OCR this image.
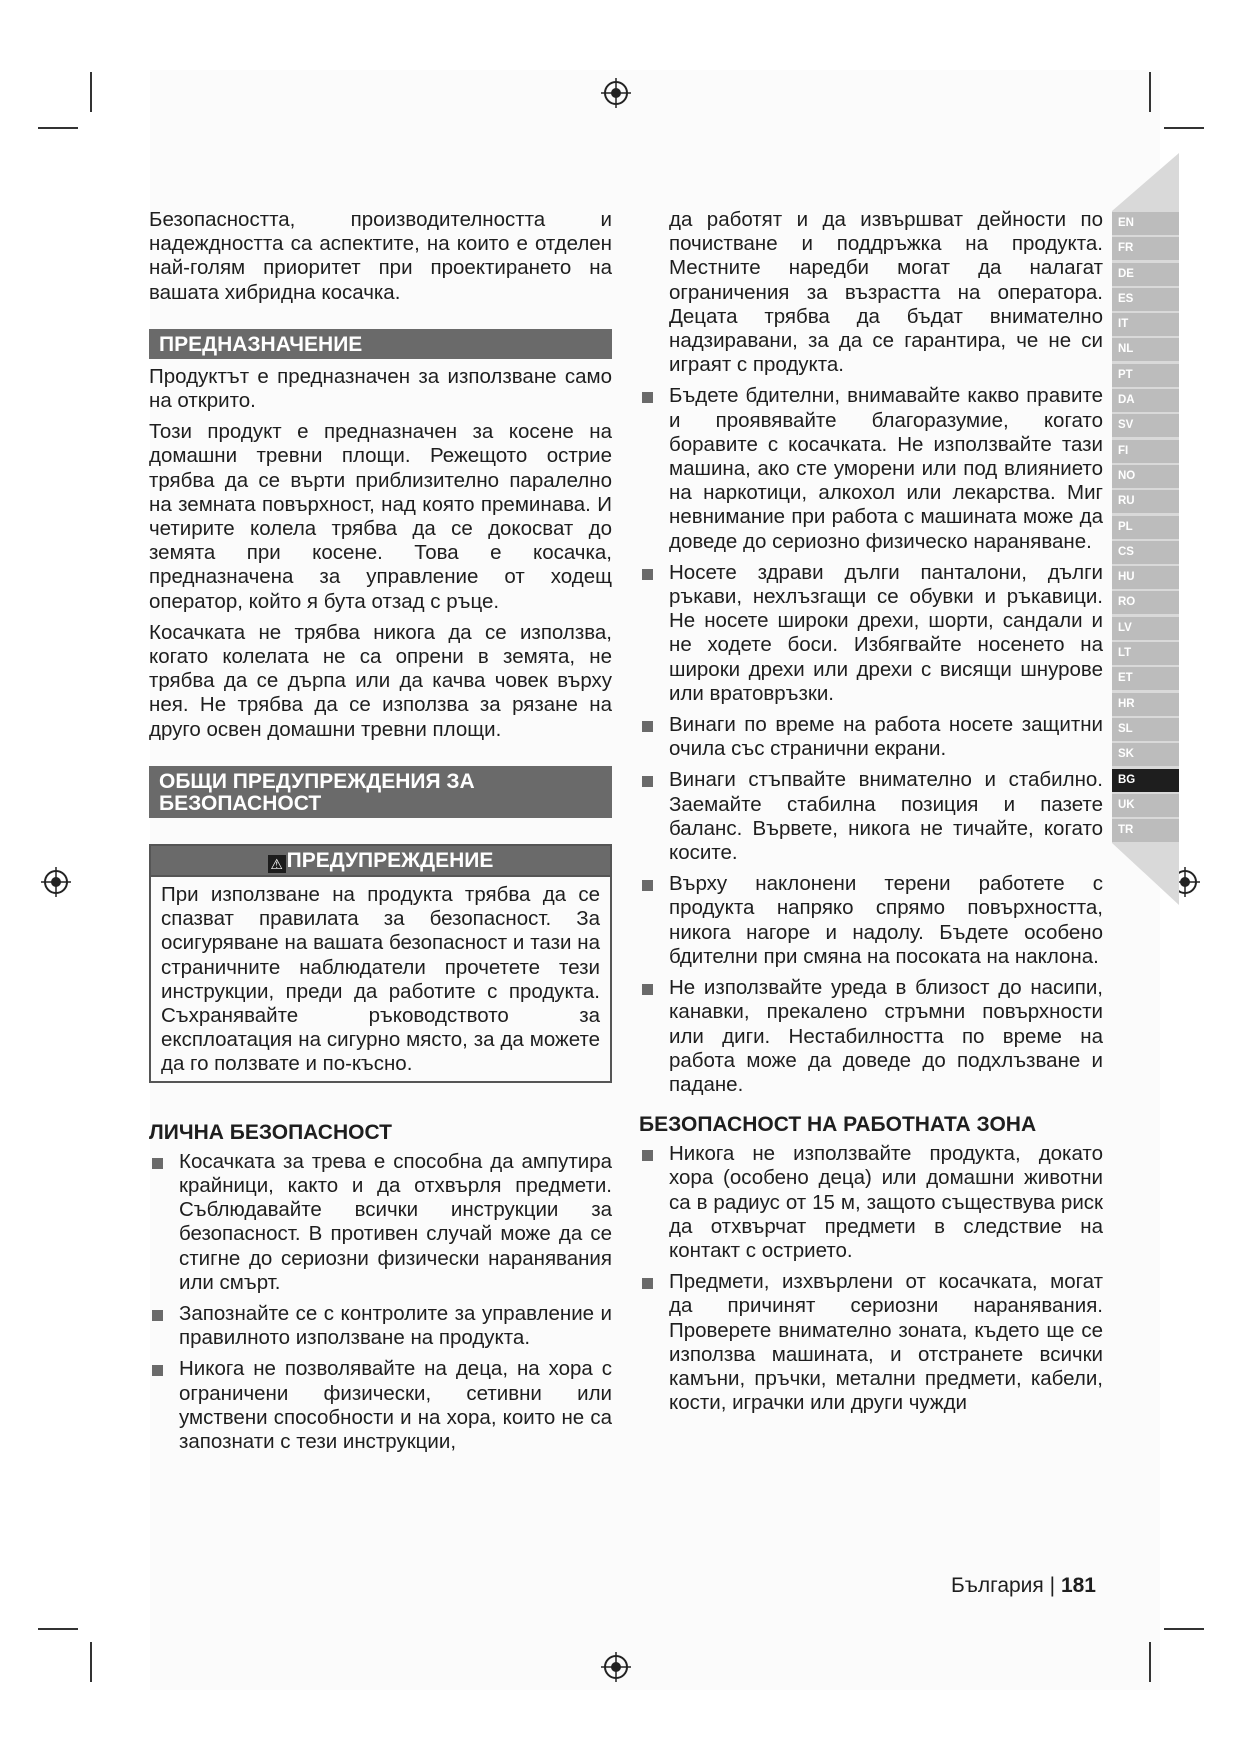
EN
FR
DE
ES
IT
NL
PT
DA
SV
FI
NO
RU
PL
CS
HU
RO
LV
LT
ET
HR
SL
SK
BG
UK
TR

Безопасността, производителността и надеждността са аспектите, на които е отделен най-голям приоритет при проектирането на вашата хибридна косачка.

ПРЕДНАЗНАЧЕНИЕ

Продуктът е предназначен за използване само на открито.

Този продукт е предназначен за косене на домашни тревни площи. Режещото острие трябва да се върти приблизително паралелно на земната повърхност, над която преминава. И четирите колела трябва да се докосват до земята при косене. Това е косачка, предназначена за управление от ходещ оператор, който я бута отзад с ръце.

Косачката не трябва никога да се използва, когато колелата не са опрени в земята, не трябва да се дърпа или да качва човек върху нея. Не трябва да се използва за рязане на друго освен домашни тревни площи.

ОБЩИ ПРЕДУПРЕЖДЕНИЯ ЗА
БЕЗОПАСНОСТ
⚠ ПРЕДУПРЕЖДЕНИЕ
При използване на продукта трябва да се спазват правилата за безопасност. За осигуряване на вашата безопасност и тази на страничните наблюдатели прочетете тези инструкции, преди да работите с продукта. Съхранявайте ръководството за експлоатация на сигурно място, за да можете да го ползвате и по-късно.
ЛИЧНА БЕЗОПАСНОСТ
Косачката за трева е способна да ампутира крайници, както и да отхвърля предмети. Съблюдавайте всички инструкции за безопасност. В противен случай може да се стигне до сериозни физически наранявания или смърт.
Запознайте се с контролите за управление и правилното използване на продукта.
Никога не позволявайте на деца, на хора с ограничени физически, сетивни или умствени способности и на хора, които не са запознати с тези инструкции,

да работят и да извършват дейности по почистване и поддръжка на продукта. Местните наредби могат да налагат ограничения за възрастта на оператора. Децата трябва да бъдат внимателно надзиравани, за да се гарантира, че не си играят с продукта.

Бъдете бдителни, внимавайте какво правите и проявявайте благоразумие, когато боравите с косачката. Не използвайте тази машина, ако сте уморени или под влиянието на наркотици, алкохол или лекарства. Миг невнимание при работа с машината може да доведе до сериозно физическо нараняване.
Носете здрави дълги панталони, дълги ръкави, нехлъзгащи се обувки и ръкавици. Не носете широки дрехи, шорти, сандали и не ходете боси. Избягвайте носенето на широки дрехи или дрехи с висящи шнурове или вратовръзки.
Винаги по време на работа носете защитни очила със странични екрани.
Винаги стъпвайте внимателно и стабилно. Заемайте стабилна позиция и пазете баланс. Вървете, никога не тичайте, когато косите.
Върху наклонени терени работете с продукта напряко спрямо повърхността, никога нагоре и надолу. Бъдете особено бдителни при смяна на посоката на наклона.
Не използвайте уреда в близост до насипи, канавки, прекалено стръмни повърхности или диги. Нестабилността по време на работа може да доведе до подхлъзване и падане.
БЕЗОПАСНОСТ НА РАБОТНАТА ЗОНА
Никога не използвайте продукта, докато хора (особено деца) или домашни животни са в радиус от 15 м, защото съществува риск да отхвърчат предмети в следствие на контакт с острието.
Предмети, изхвърлени от косачката, могат да причинят сериозни наранявания. Проверете внимателно зоната, където ще се използва машината, и отстранете всички камъни, пръчки, метални предмети, кабели, кости, играчки или други чужди
България | 181
